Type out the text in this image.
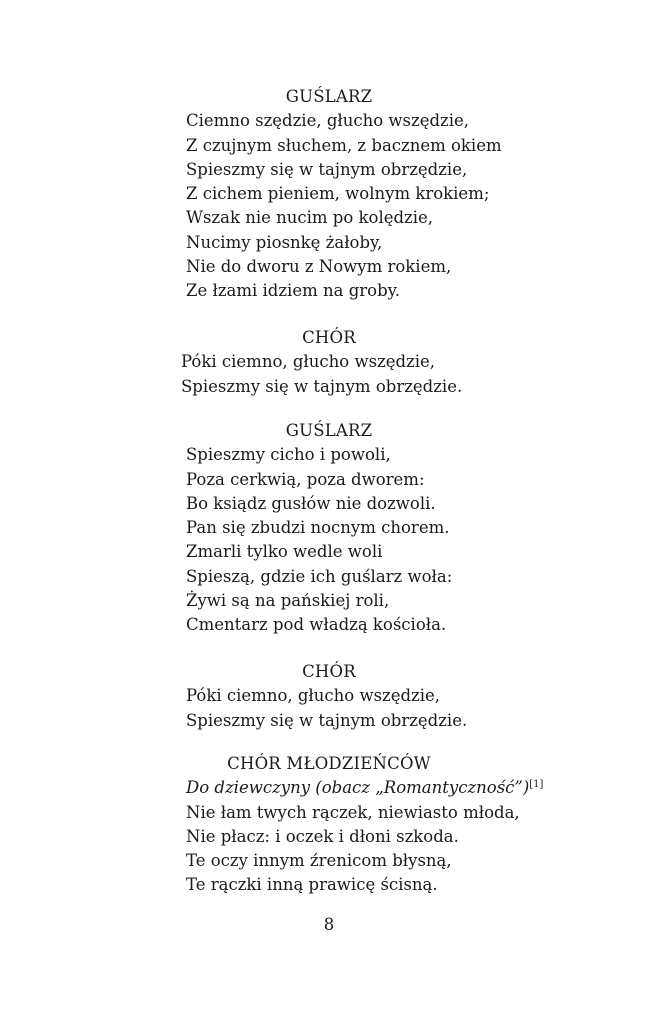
GUŚLARZ
Ciemno szędzie, głucho wszędzie,
Z czujnym słuchem, z bacznem okiem
Spieszmy się w tajnym obrzędzie,
Z cichem pieniem, wolnym krokiem;
Wszak nie nucim po kolędzie,
Nucimy piosnkę żałoby,
Nie do dworu z Nowym rokiem,
Ze łzami idziem na groby.
CHÓR
Póki ciemno, głucho wszędzie,
Spieszmy się w tajnym obrzędzie.
GUŚLARZ
Spieszmy cicho i powoli,
Poza cerkwią, poza dworem:
Bo ksiądz gusłów nie dozwoli.
Pan się zbudzi nocnym chorem.
Zmarli tylko wedle woli
Spieszą, gdzie ich guślarz woła:
Żywi są na pańskiej roli,
Cmentarz pod władzą kościoła.
CHÓR
Póki ciemno, głucho wszędzie,
Spieszmy się w tajnym obrzędzie.
CHÓR MŁODZIEŃCÓW
Do dziewczyny (obacz „Romantyczność”)[1]
Nie łam twych rączek, niewiasto młoda,
Nie płacz: i oczek i dłoni szkoda.
Te oczy innym źrenicom błysną,
Te rączki inną prawicę ścisną.
8
